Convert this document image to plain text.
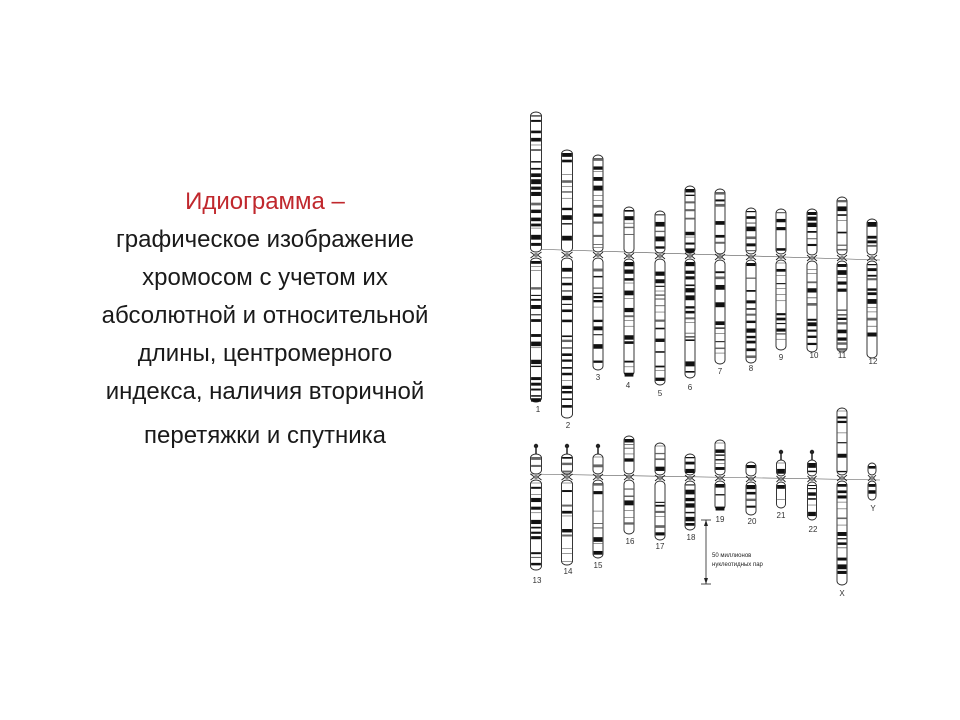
Идиограмма –
графическое изображение
хромосом с учетом их
абсолютной и относительной
длины, центромерного
индекса, наличия вторичной
перетяжки и спутника
1
2
3
4
5
6
7	8
9	10 11
12
13
14
15
16
17
18
19	20
21
22
X
Y
50 миллионов
нуклеотидных пар
